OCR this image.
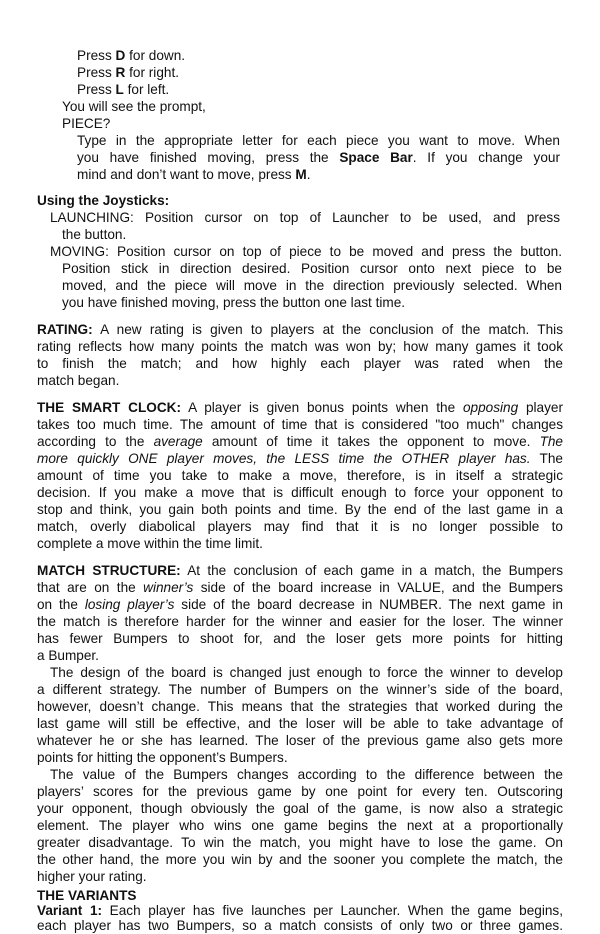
Press D for down.
Press R for right.
Press L for left.
You will see the prompt,
PIECE?
Type in the appropriate letter for each piece you want to move. When
you have finished moving, press the Space Bar. If you change your
mind and don’t want to move, press M.
Using the Joysticks:
LAUNCHING: Position cursor on top of Launcher to be used, and press
the button.
MOVING: Position cursor on top of piece to be moved and press the button.
Position stick in direction desired. Position cursor onto next piece to be
moved, and the piece will move in the direction previously selected. When
you have finished moving, press the button one last time.
RATING: A new rating is given to players at the conclusion of the match. This
rating reflects how many points the match was won by; how many games it took
to finish the match; and how highly each player was rated when the
match began.
THE SMART CLOCK: A player is given bonus points when the opposing player
takes too much time. The amount of time that is considered "too much" changes
according to the average amount of time it takes the opponent to move. The
more quickly ONE player moves, the LESS time the OTHER player has. The
amount of time you take to make a move, therefore, is in itself a strategic
decision. If you make a move that is difficult enough to force your opponent to
stop and think, you gain both points and time. By the end of the last game in a
match, overly diabolical players may find that it is no longer possible to
complete a move within the time limit.
MATCH STRUCTURE: At the conclusion of each game in a match, the Bumpers
that are on the winner’s side of the board increase in VALUE, and the Bumpers
on the losing player’s side of the board decrease in NUMBER. The next game in
the match is therefore harder for the winner and easier for the loser. The winner
has fewer Bumpers to shoot for, and the loser gets more points for hitting
a Bumper.
The design of the board is changed just enough to force the winner to develop
a different strategy. The number of Bumpers on the winner’s side of the board,
however, doesn’t change. This means that the strategies that worked during the
last game will still be effective, and the loser will be able to take advantage of
whatever he or she has learned. The loser of the previous game also gets more
points for hitting the opponent’s Bumpers.
The value of the Bumpers changes according to the difference between the
players’ scores for the previous game by one point for every ten. Outscoring
your opponent, though obviously the goal of the game, is now also a strategic
element. The player who wins one game begins the next at a proportionally
greater disadvantage. To win the match, you might have to lose the game. On
the other hand, the more you win by and the sooner you complete the match, the
higher your rating.
THE VARIANTS
Variant 1: Each player has five launches per Launcher. When the game begins,
each player has two Bumpers, so a match consists of only two or three games.
